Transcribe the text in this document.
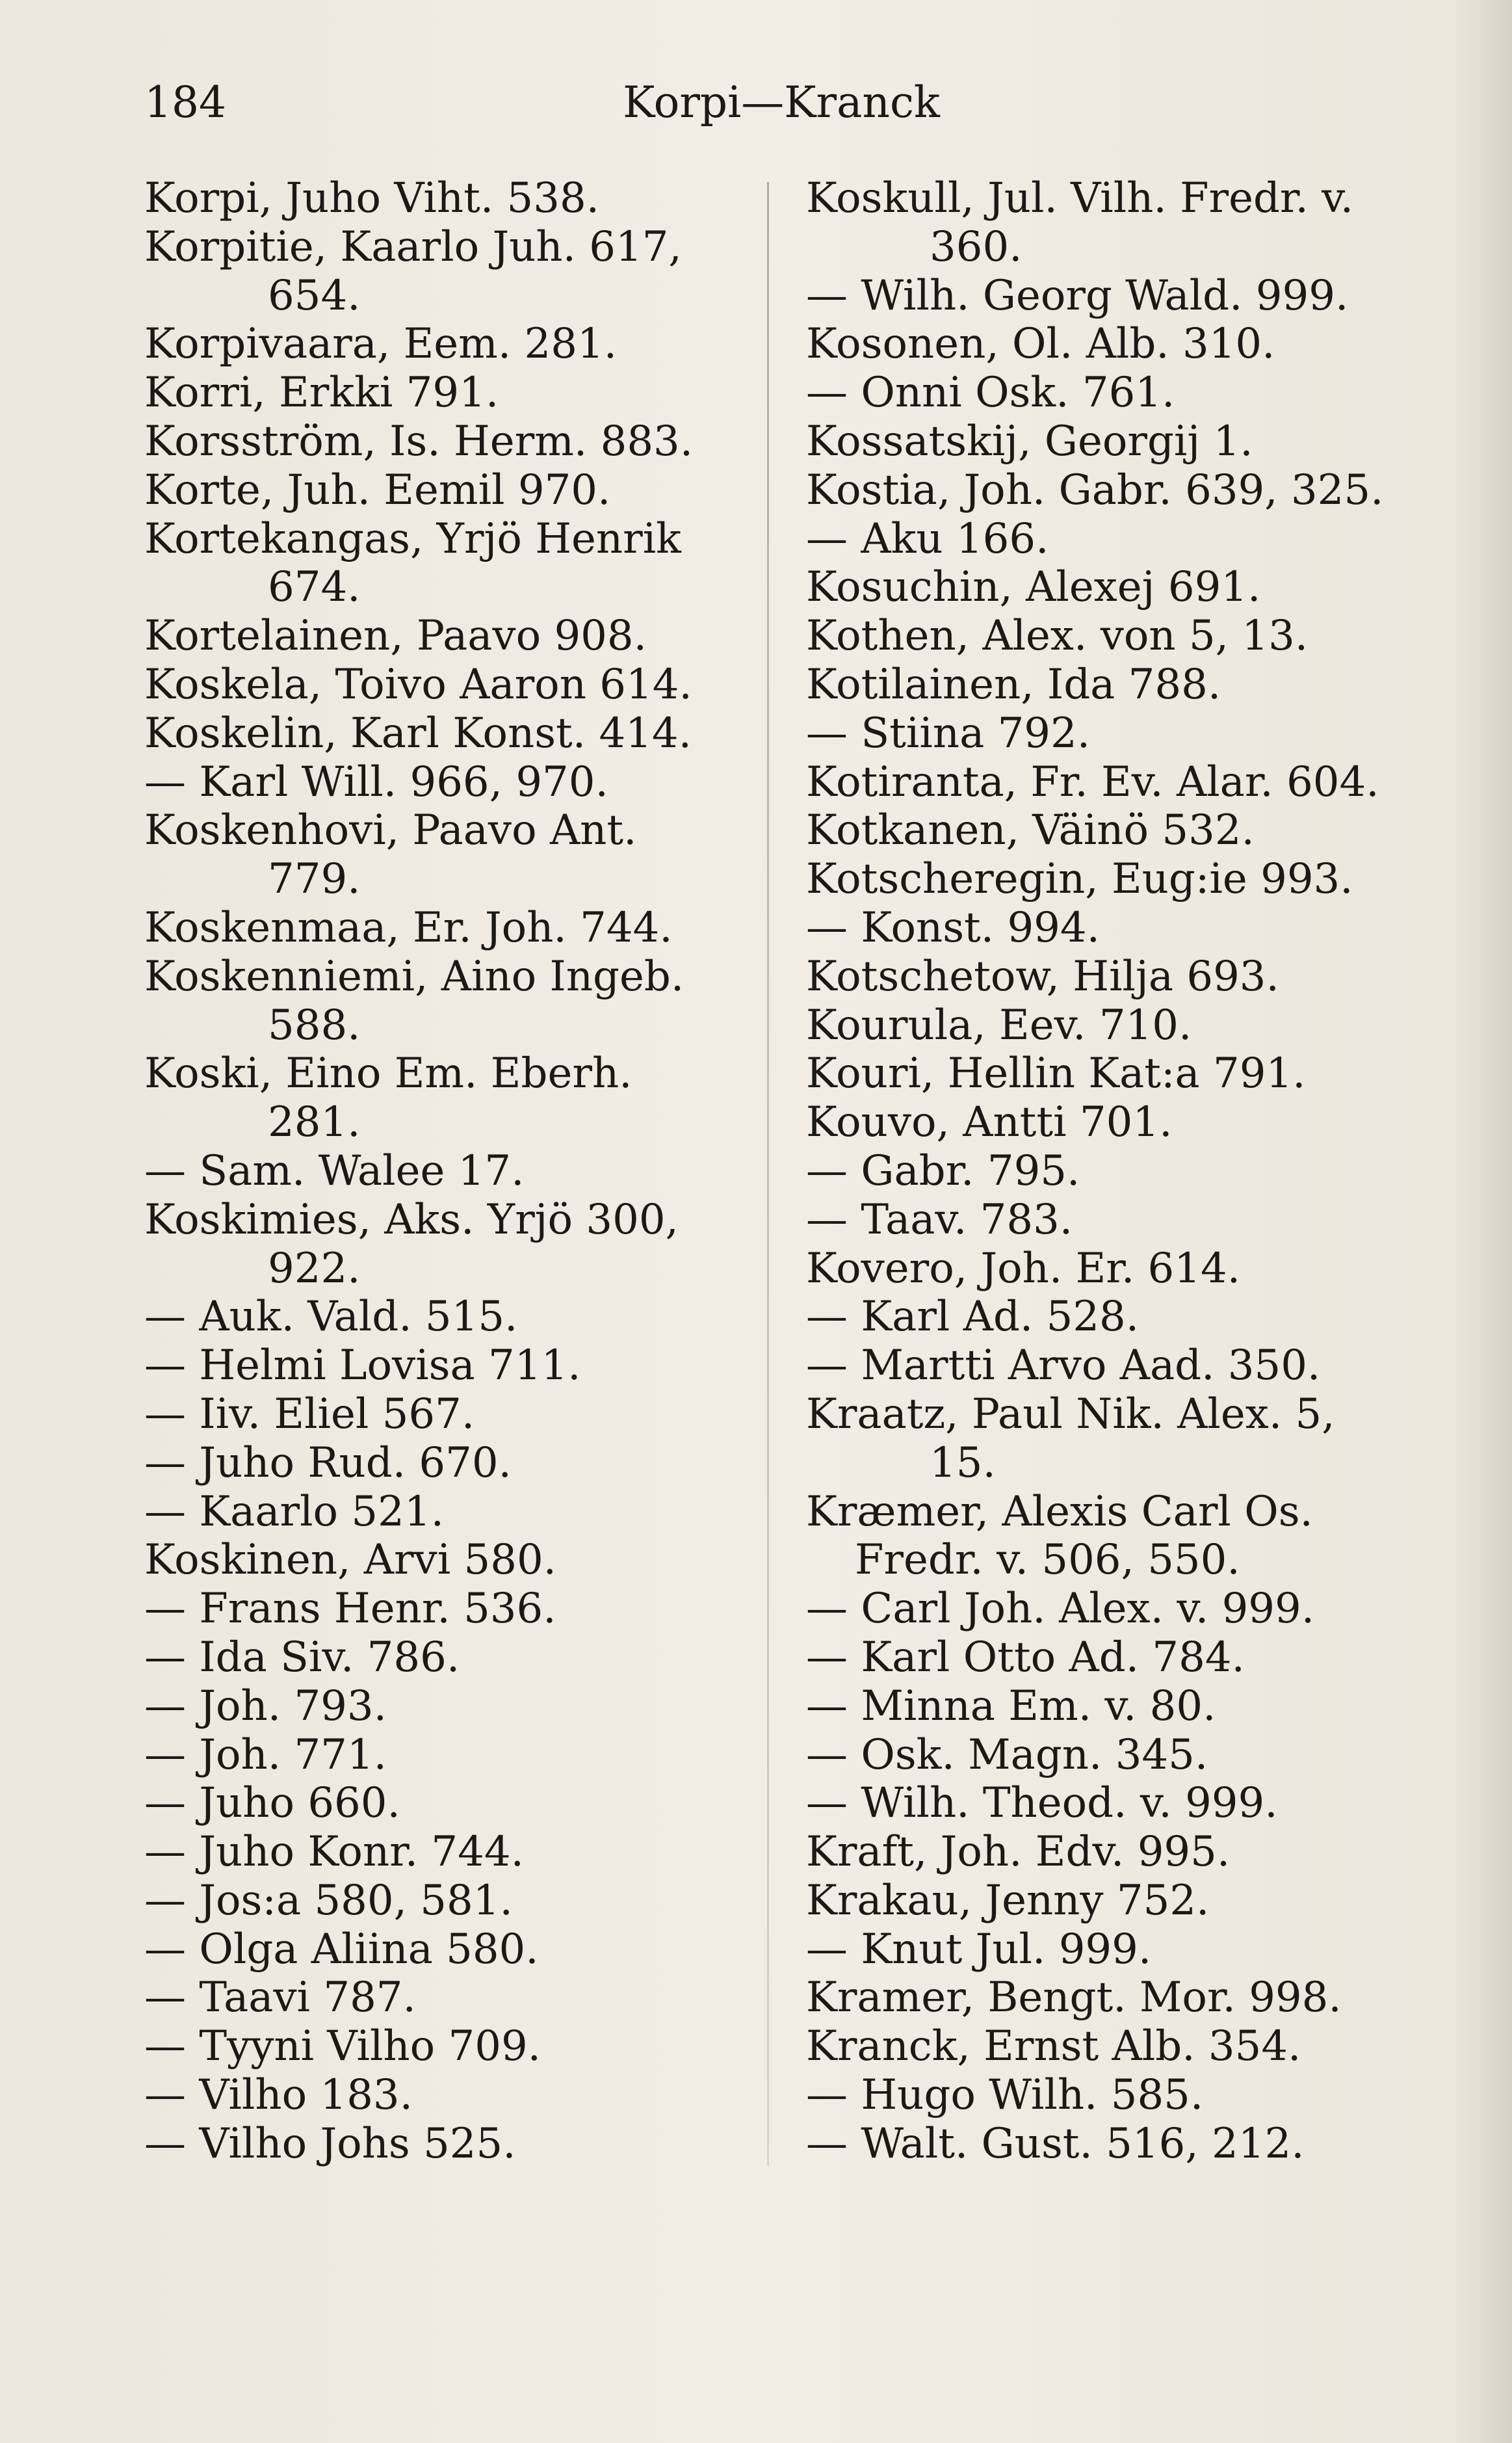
184	Korpi—Kranck
Korpi, Juho Viht. 538.
Korpitie, Kaarlo Juh. 617,
654.
Korpivaara, Eem. 281.
Korri, Erkki 791.
Korsström, Is. Herm. 883.
Korte, Juh. Eemil 970.
Kortekangas, Yrjö Henrik
674.
Kortelainen, Paavo 908.
Koskela, Toivo Aaron 614.
Koskelin, Karl Konst. 414.
— Karl Will. 966, 970.
Koskenhovi, Paavo Ant.
779.
Koskenmaa, Er. Joh. 744.
Koskenniemi, Aino Ingeb.
588.
Koski, Eino Em. Eberh.
281.
— Sam. Walee 17.
Koskimies, Aks. Yrjö 300,
922.
— Auk. Vald. 515.
— Helmi Lovisa 711.
— Iiv. Eliel 567.
— Juho Rud. 670.
— Kaarlo 521.
Koskinen, Arvi 580.
— Frans Henr. 536.
— Ida Siv. 786.
— Joh. 793.
— Joh. 771.
— Juho 660.
— Juho Konr. 744.
— Jos:a 580, 581.
— Olga Aliina 580.
— Taavi 787.
— Tyyni Vilho 709.
— Vilho 183.
— Vilho Johs 525.
Koskull, Jul. Vilh. Fredr. v.
360.
— Wilh. Georg Wald. 999.
Kosonen, Ol. Alb. 310.
— Onni Osk. 761.
Kossatskij, Georgij 1.
Kostia, Joh. Gabr. 639, 325.
— Aku 166.
Kosuchin, Alexej 691.
Kothen, Alex. von 5, 13.
Kotilainen, Ida 788.
— Stiina 792.
Kotiranta, Fr. Ev. Alar. 604.
Kotkanen, Väinö 532.
Kotscheregin, Eug:ie 993.
— Konst. 994.
Kotschetow, Hilja 693.
Kourula, Eev. 710.
Kouri, Hellin Kat:a 791.
Kouvo, Antti 701.
— Gabr. 795.
— Taav. 783.
Kovero, Joh. Er. 614.
— Karl Ad. 528.
— Martti Arvo Aad. 350.
Kraatz, Paul Nik. Alex. 5,
15.
Kræmer, Alexis Carl Os.
Fredr. v. 506, 550.
— Carl Joh. Alex. v. 999.
— Karl Otto Ad. 784.
— Minna Em. v. 80.
— Osk. Magn. 345.
— Wilh. Theod. v. 999.
Kraft, Joh. Edv. 995.
Krakau, Jenny 752.
— Knut Jul. 999.
Kramer, Bengt. Mor. 998.
Kranck, Ernst Alb. 354.
— Hugo Wilh. 585.
— Walt. Gust. 516, 212.
